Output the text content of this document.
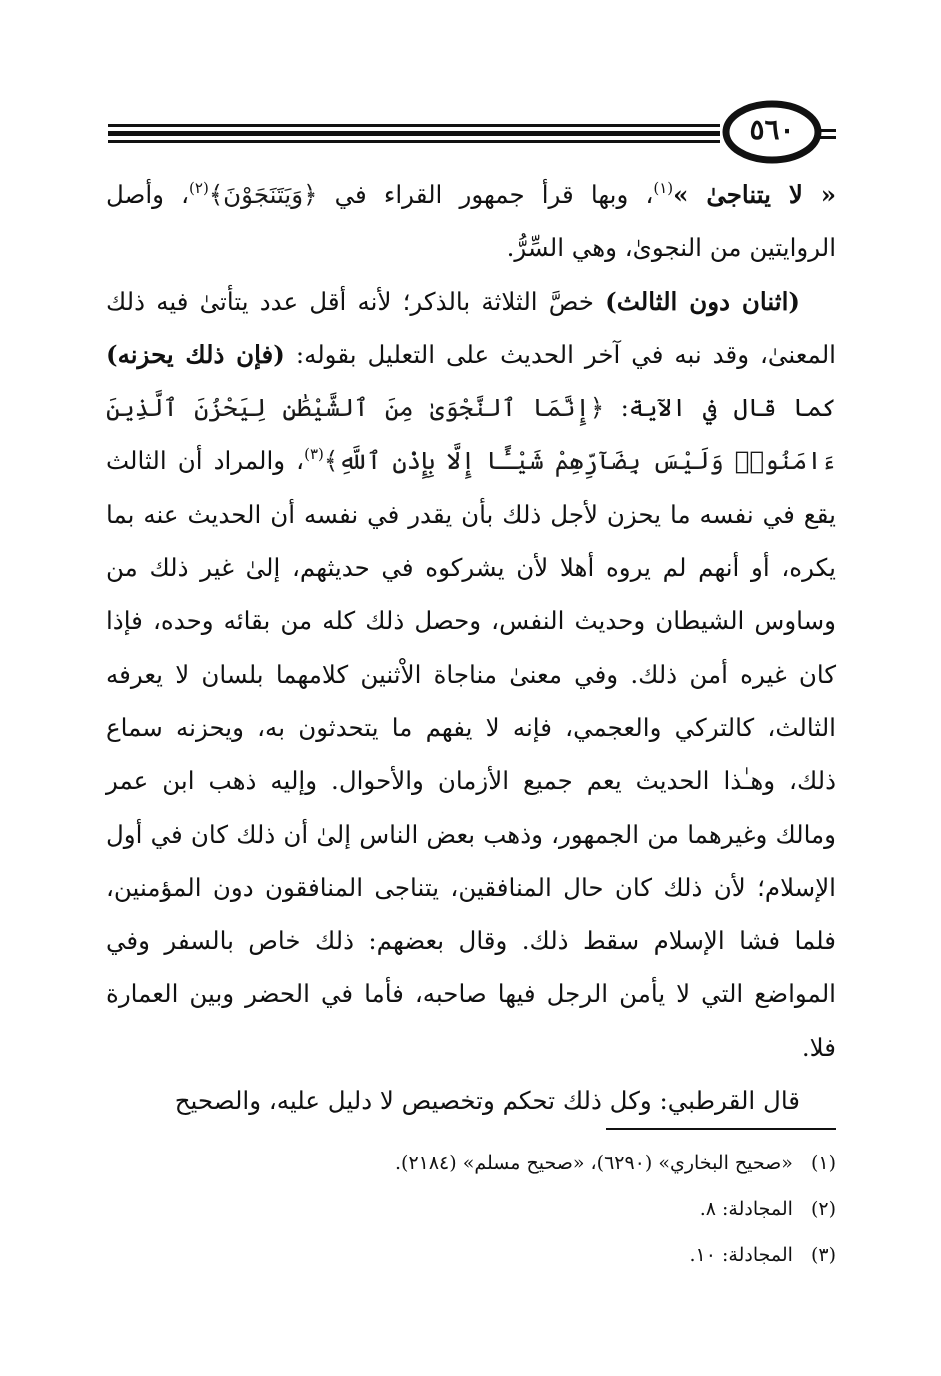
٥٦٠

« لا يتناجىٰ »$^{(١)}$، وبها قرأ جمهور القراء في ﴿وَيَتَنَجَوْنَ﴾$^{(٢)}$، وأصل الروايتين من النجوىٰ، وهي السِّرُّ.

(اثنان دون الثالث) خصَّ الثلاثة بالذكر؛ لأنه أقل عدد يتأتىٰ فيه ذلك المعنىٰ، وقد نبه في آخر الحديث على التعليل بقوله: (فإن ذلك يحزنه) كما قال في الآية: ﴿إِنَّمَا ٱلنَّجْوَىٰ مِنَ ٱلشَّيْطَٰنِ لِيَحْزُنَ ٱلَّذِينَ ءَامَنُوا۟ وَلَيْسَ بِضَآرِّهِمْ شَيْـًٔا إِلَّا بِإِذْنِ ٱللَّهِ﴾$^{(٣)}$، والمراد أن الثالث يقع في نفسه ما يحزن لأجل ذلك بأن يقدر في نفسه أن الحديث عنه بما يكره، أو أنهم لم يروه أهلا لأن يشركوه في حديثهم، إلىٰ غير ذلك من وساوس الشيطان وحديث النفس، وحصل ذلك كله من بقائه وحده، فإذا كان غيره أمن ذلك. وفي معنىٰ مناجاة الاْثنين كلامهما بلسان لا يعرفه الثالث، كالتركي والعجمي، فإنه لا يفهم ما يتحدثون به، ويحزنه سماع ذلك، وهـٰذا الحديث يعم جميع الأزمان والأحوال. وإليه ذهب ابن عمر ومالك وغيرهما من الجمهور، وذهب بعض الناس إلىٰ أن ذلك كان في أول الإسلام؛ لأن ذلك كان حال المنافقين، يتناجى المنافقون دون المؤمنين، فلما فشا الإسلام سقط ذلك. وقال بعضهم: ذلك خاص بالسفر وفي المواضع التي لا يأمن الرجل فيها صاحبه، فأما في الحضر وبين العمارة فلا.

قال القرطبي: وكل ذلك تحكم وتخصيص لا دليل عليه، والصحيح

(١)«صحيح البخاري» (٦٢٩٠)، «صحيح مسلم» (٢١٨٤).

(٢)المجادلة: ٨.

(٣)المجادلة: ١٠.
